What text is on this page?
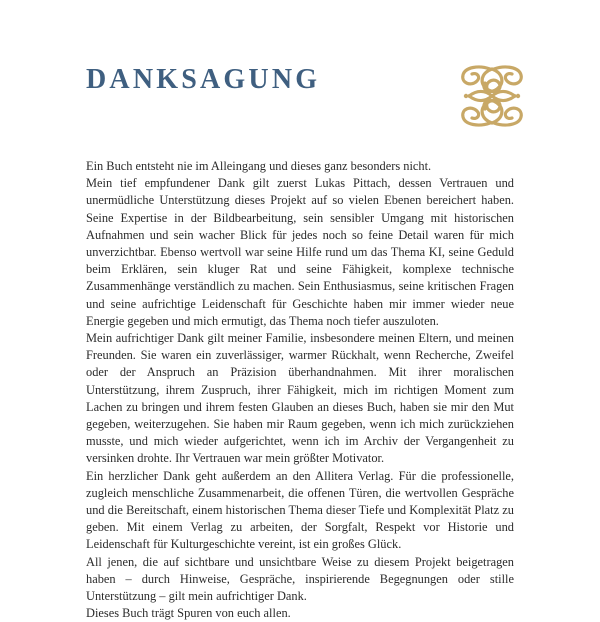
DANKSAGUNG

Ein Buch entsteht nie im Alleingang und dieses ganz besonders nicht.

Mein tief empfundener Dank gilt zuerst Lukas Pittach, dessen Vertrauen und unermüdliche Unterstützung dieses Projekt auf so vielen Ebenen bereichert haben. Seine Expertise in der Bildbearbeitung, sein sensibler Umgang mit historischen Aufnahmen und sein wacher Blick für jedes noch so feine Detail waren für mich unverzichtbar. Ebenso wertvoll war seine Hilfe rund um das Thema KI, seine Geduld beim Erklären, sein kluger Rat und seine Fähigkeit, komplexe technische Zusammenhänge verständlich zu machen. Sein Enthusiasmus, seine kritischen Fragen und seine aufrichtige Leidenschaft für Geschichte haben mir immer wieder neue Energie gegeben und mich ermutigt, das Thema noch tiefer auszuloten.

Mein aufrichtiger Dank gilt meiner Familie, insbesondere meinen Eltern, und meinen Freunden. Sie waren ein zuverlässiger, warmer Rückhalt, wenn Recherche, Zweifel oder der Anspruch an Präzision überhandnahmen. Mit ihrer moralischen Unterstützung, ihrem Zuspruch, ihrer Fähigkeit, mich im richtigen Moment zum Lachen zu bringen und ihrem festen Glauben an dieses Buch, haben sie mir den Mut gegeben, weiterzugehen. Sie haben mir Raum gegeben, wenn ich mich zurückziehen musste, und mich wieder aufgerichtet, wenn ich im Archiv der Vergangenheit zu versinken drohte. Ihr Vertrauen war mein größter Motivator.

Ein herzlicher Dank geht außerdem an den Allitera Verlag. Für die professionelle, zugleich menschliche Zusammenarbeit, die offenen Türen, die wertvollen Gespräche und die Bereitschaft, einem historischen Thema dieser Tiefe und Komplexität Platz zu geben. Mit einem Verlag zu arbeiten, der Sorgfalt, Respekt vor Historie und Leidenschaft für Kulturgeschichte vereint, ist ein großes Glück.

All jenen, die auf sichtbare und unsichtbare Weise zu diesem Projekt beigetragen haben – durch Hinweise, Gespräche, inspirierende Begegnungen oder stille Unterstützung – gilt mein aufrichtiger Dank.

Dieses Buch trägt Spuren von euch allen.
